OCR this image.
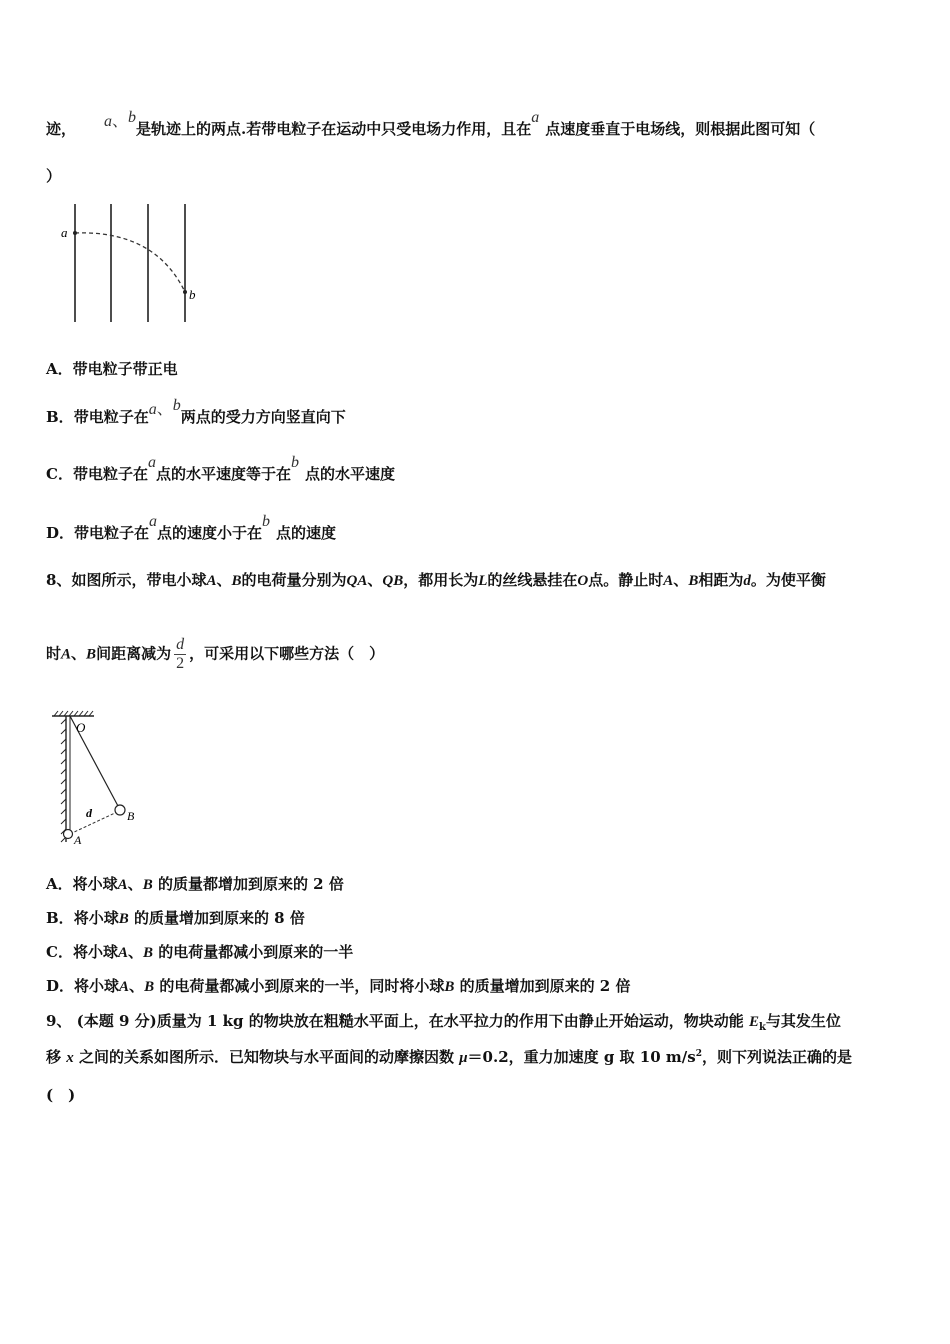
迹， a、b是轨迹上的两点.若带电粒子在运动中只受电场力作用，且在a点速度垂直于电场线，则根据此图可知（
）
a
b
A．带电粒子带正电
B．带电粒子在a、b两点的受力方向竖直向下
C．带电粒子在a点的水平速度等于在b点的水平速度
D．带电粒子在a点的速度小于在b点的速度
8、如图所示，带电小球A、B的电荷量分别为QA、QB，都用长为L的丝线悬挂在O点。静止时A、B相距为d。为使平衡
时A、B间距离减为 $\frac{d}{2}$ ，可采用以下哪些方法（　）
O
d
A
B
A．将小球A、B 的质量都增加到原来的 2 倍
B．将小球B 的质量增加到原来的 8 倍
C．将小球A、B 的电荷量都减小到原来的一半
D．将小球A、B 的电荷量都减小到原来的一半，同时将小球B 的质量增加到原来的 2 倍
9、 (本题 9 分)质量为 1 kg 的物块放在粗糙水平面上，在水平拉力的作用下由静止开始运动，物块动能 $E_k$与其发生位
移 x 之间的关系如图所示．已知物块与水平面间的动摩擦因数 μ＝0.2，重力加速度 g 取 10 $m/s^2$，则下列说法正确的是
(　)
